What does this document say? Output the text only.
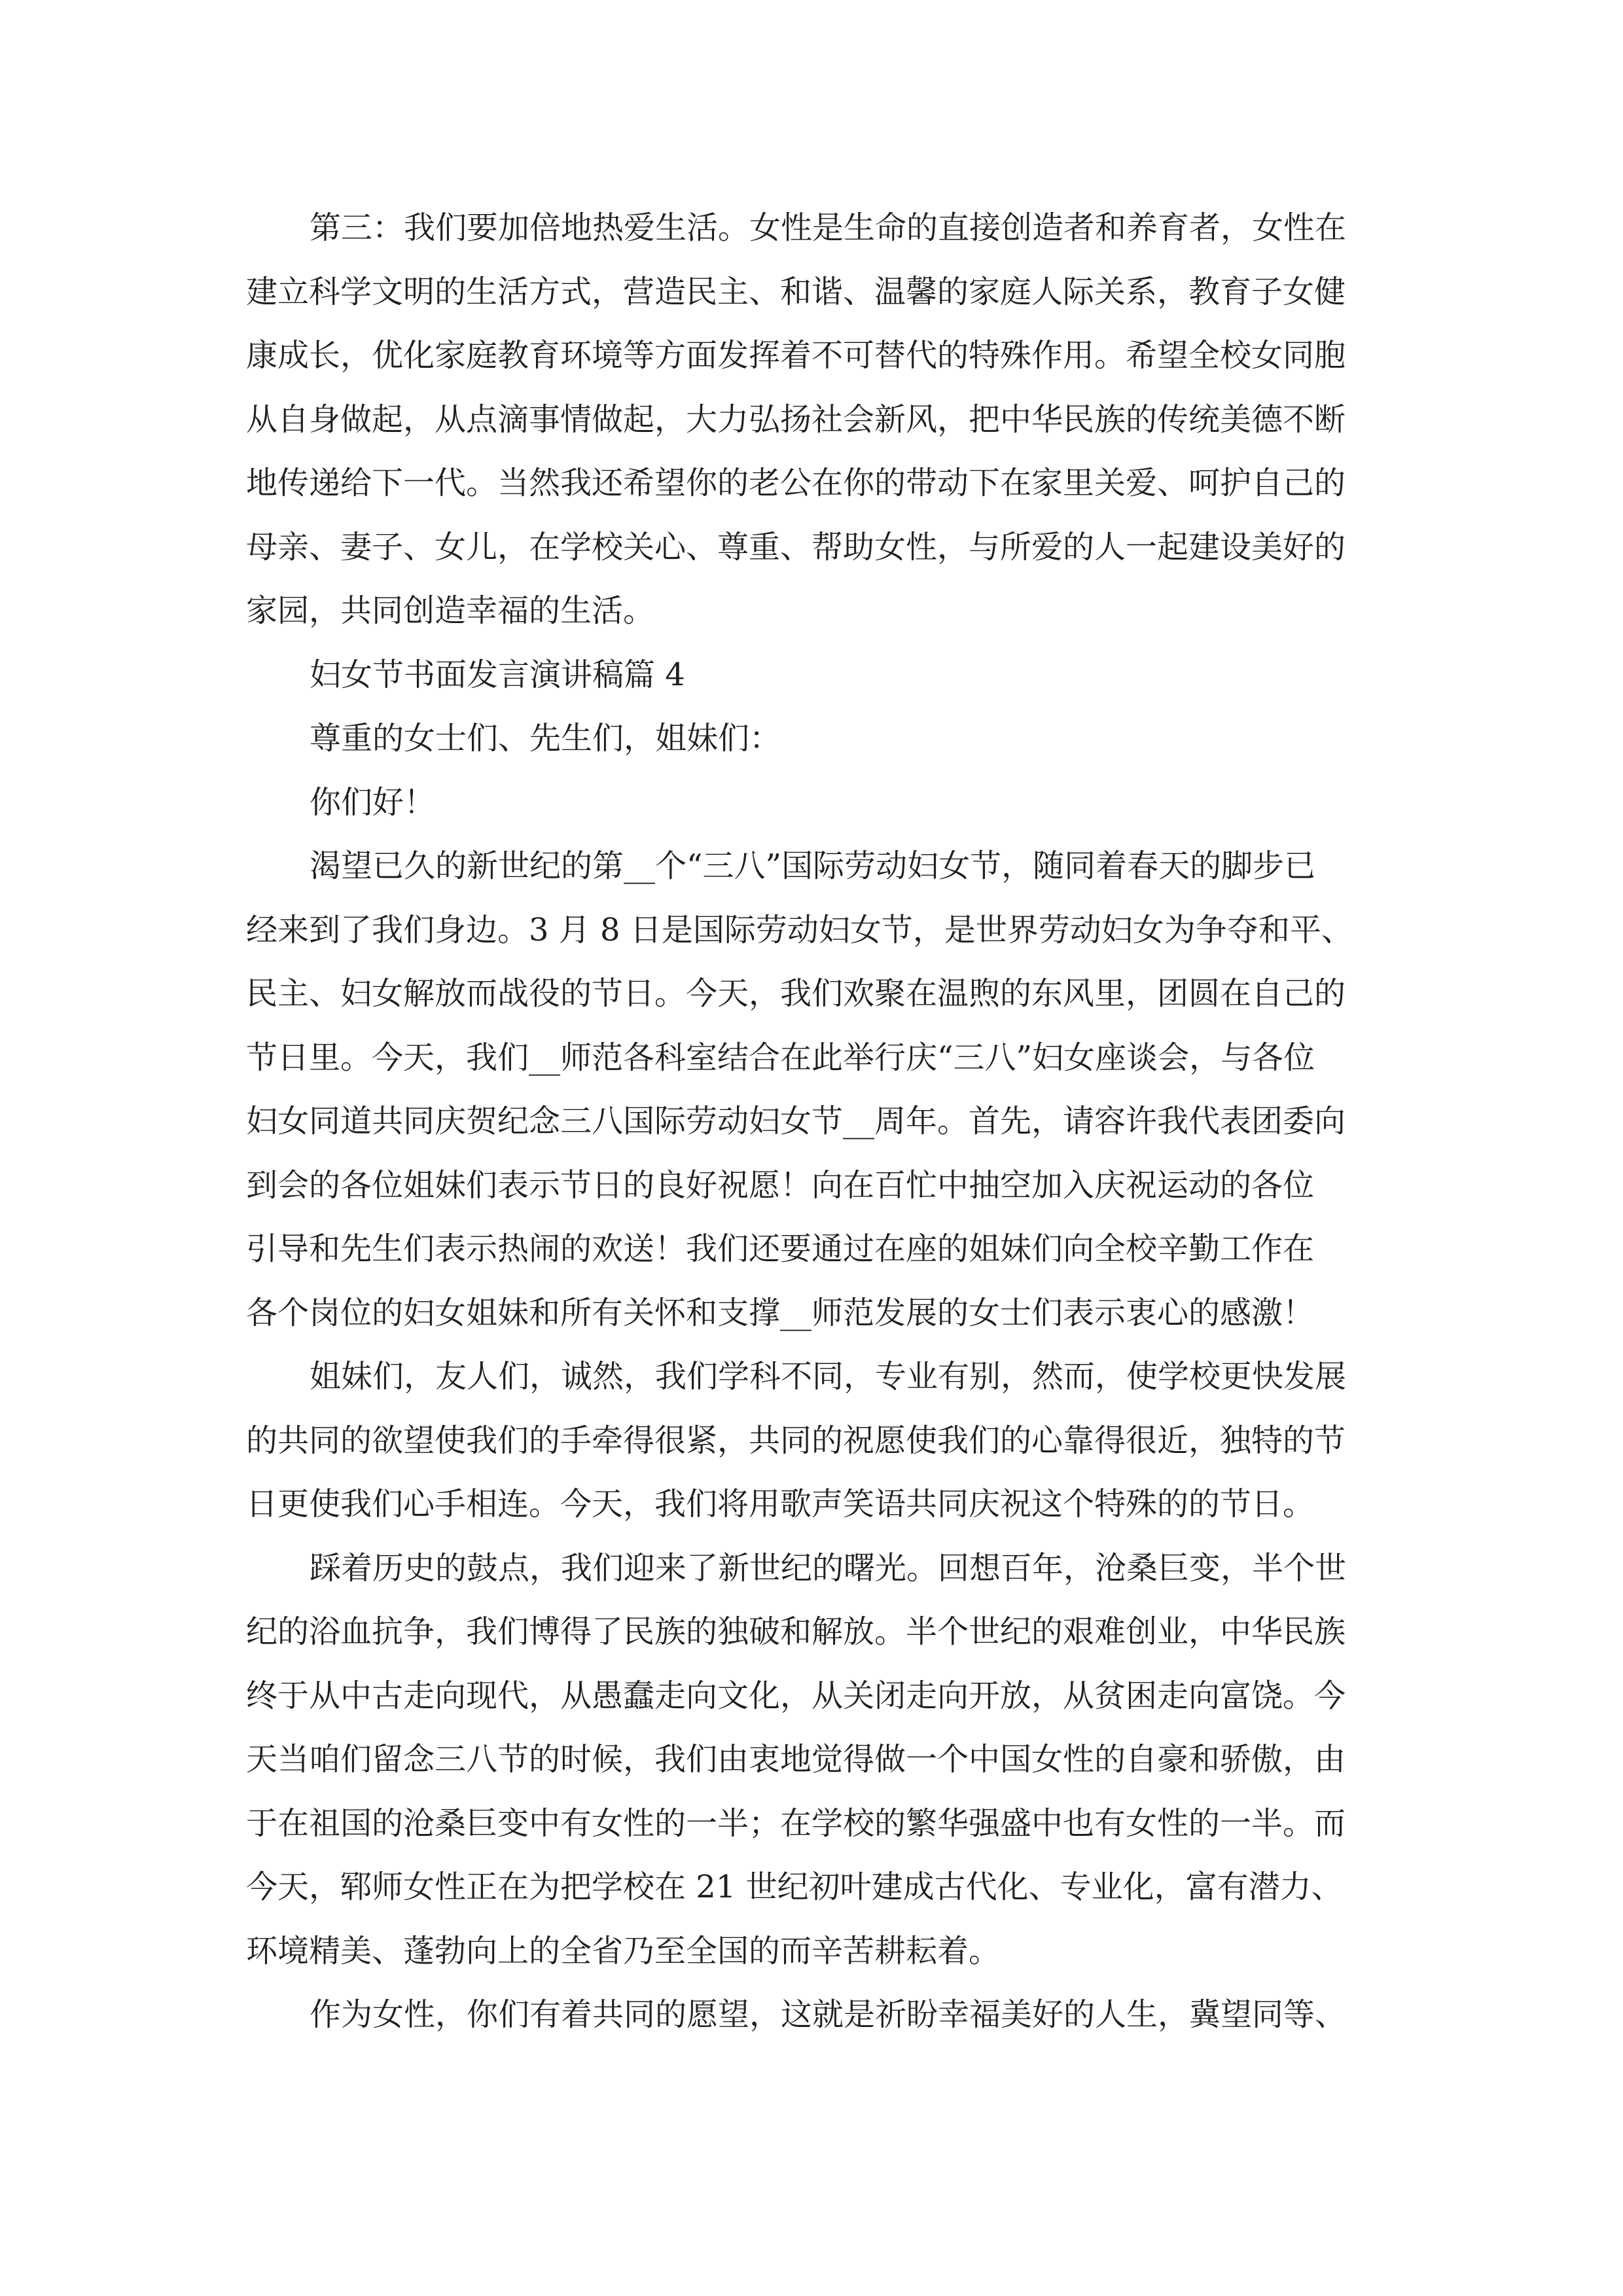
第三：我们要加倍地热爱生活。女性是生命的直接创造者和养育者，女性在
建立科学文明的生活方式，营造民主、和谐、温馨的家庭人际关系，教育子女健
康成长，优化家庭教育环境等方面发挥着不可替代的特殊作用。希望全校女同胞
从自身做起，从点滴事情做起，大力弘扬社会新风，把中华民族的传统美德不断
地传递给下一代。当然我还希望你的老公在你的带动下在家里关爱、呵护自己的
母亲、妻子、女儿，在学校关心、尊重、帮助女性，与所爱的人一起建设美好的
家园，共同创造幸福的生活。
妇女节书面发言演讲稿篇 4
尊重的女士们、先生们，姐妹们：
你们好！
渴望已久的新世纪的第__个“三八”国际劳动妇女节，随同着春天的脚步已
经来到了我们身边。3 月 8 日是国际劳动妇女节，是世界劳动妇女为争夺和平、
民主、妇女解放而战役的节日。今天，我们欢聚在温煦的东风里，团圆在自己的
节日里。今天，我们__师范各科室结合在此举行庆“三八”妇女座谈会，与各位
妇女同道共同庆贺纪念三八国际劳动妇女节__周年。首先，请容许我代表团委向
到会的各位姐妹们表示节日的良好祝愿！向在百忙中抽空加入庆祝运动的各位
引导和先生们表示热闹的欢送！我们还要通过在座的姐妹们向全校辛勤工作在
各个岗位的妇女姐妹和所有关怀和支撑__师范发展的女士们表示衷心的感激！
姐妹们，友人们，诚然，我们学科不同，专业有别，然而，使学校更快发展
的共同的欲望使我们的手牵得很紧，共同的祝愿使我们的心靠得很近，独特的节
日更使我们心手相连。今天，我们将用歌声笑语共同庆祝这个特殊的的节日。
踩着历史的鼓点，我们迎来了新世纪的曙光。回想百年，沧桑巨变，半个世
纪的浴血抗争，我们博得了民族的独破和解放。半个世纪的艰难创业，中华民族
终于从中古走向现代，从愚蠢走向文化，从关闭走向开放，从贫困走向富饶。今
天当咱们留念三八节的时候，我们由衷地觉得做一个中国女性的自豪和骄傲，由
于在祖国的沧桑巨变中有女性的一半；在学校的繁华强盛中也有女性的一半。而
今天，郓师女性正在为把学校在 21 世纪初叶建成古代化、专业化，富有潜力、
环境精美、蓬勃向上的全省乃至全国的而辛苦耕耘着。
作为女性，你们有着共同的愿望，这就是祈盼幸福美好的人生，冀望同等、
